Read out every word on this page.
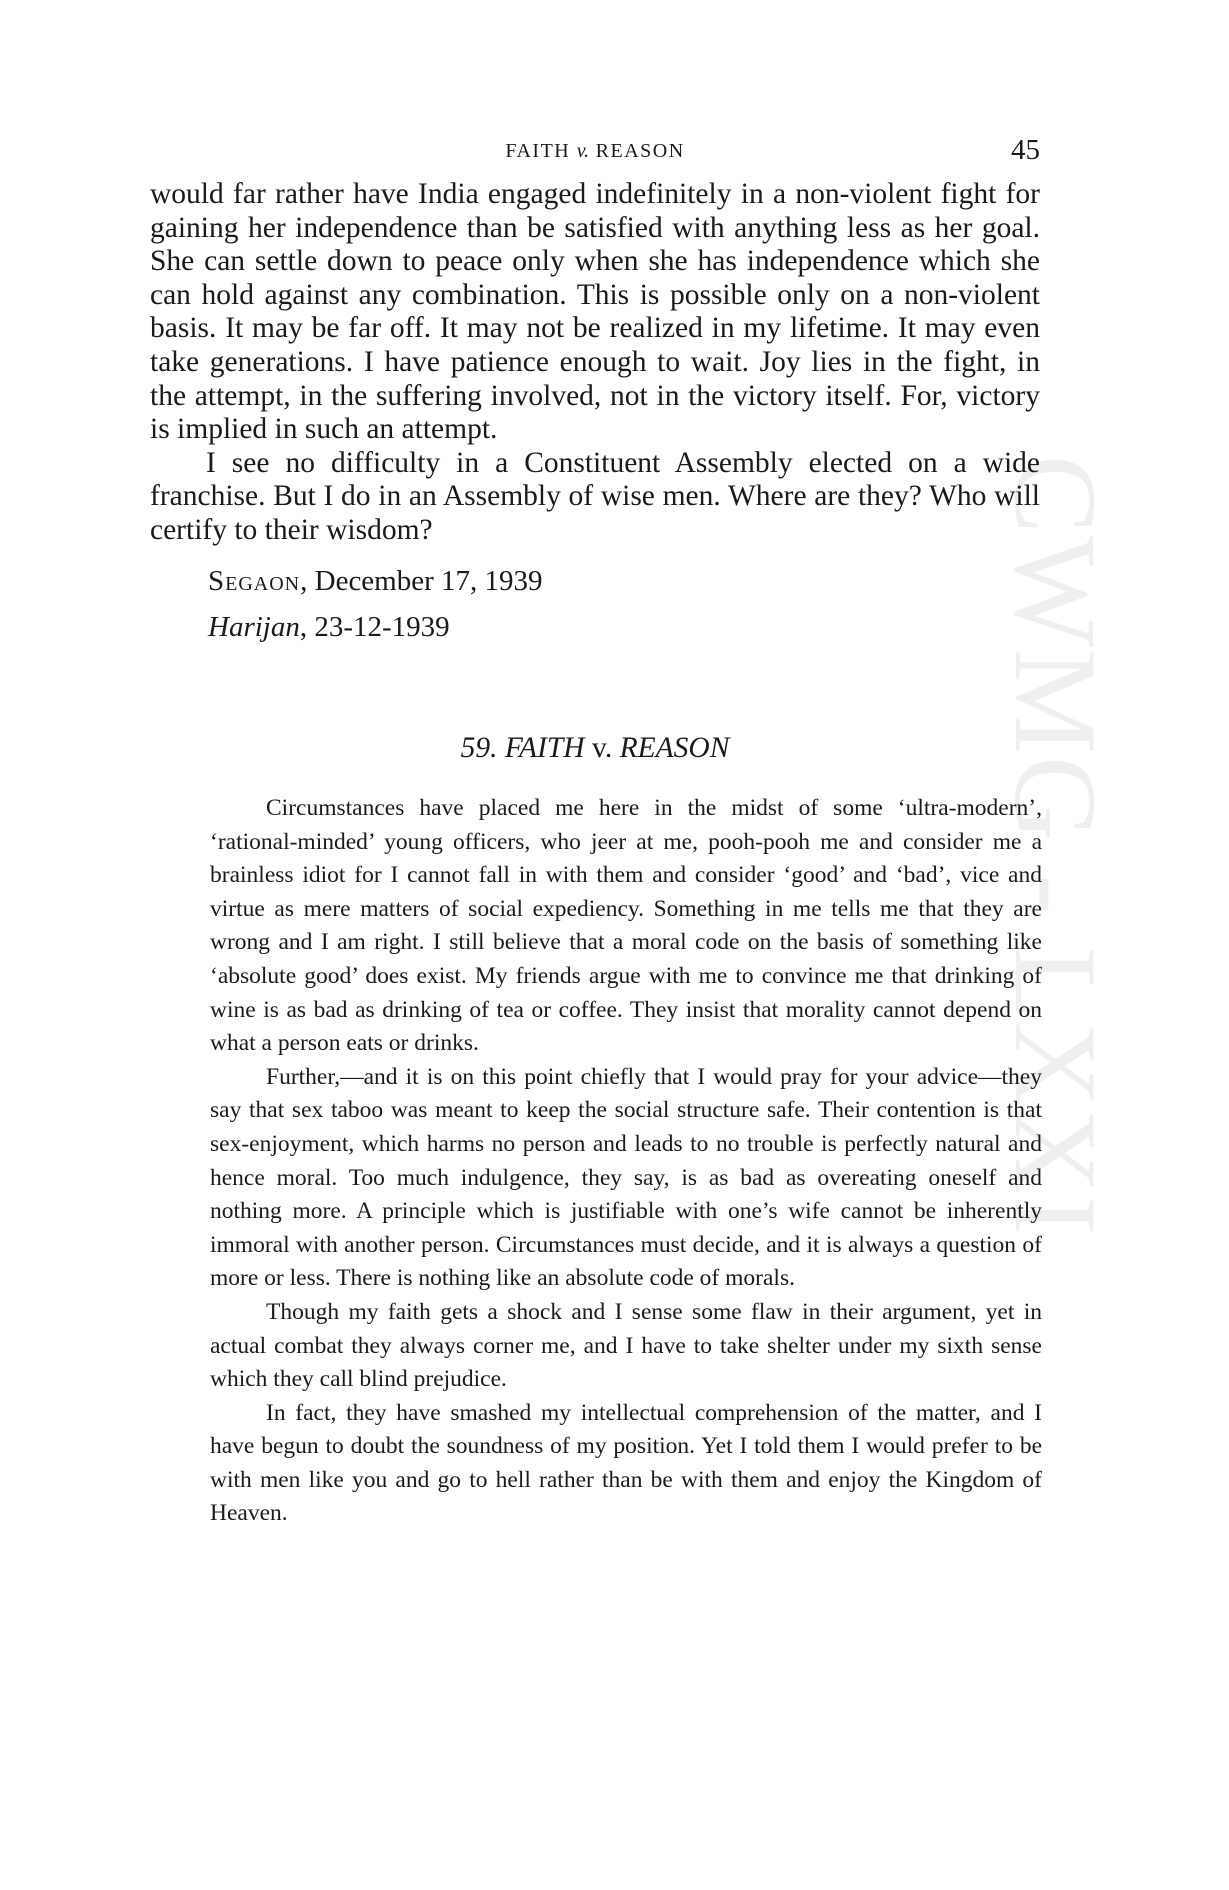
CWMG - LXXI
FAITH v. REASON	45

would far rather have India engaged indefinitely in a non-violent fight for gaining her independence than be satisfied with anything less as her goal. She can settle down to peace only when she has independence which she can hold against any combination. This is possible only on a non-violent basis. It may be far off. It may not be realized in my lifetime. It may even take generations. I have patience enough to wait. Joy lies in the fight, in the attempt, in the suffering involved, not in the victory itself. For, victory is implied in such an attempt.

I see no difficulty in a Constituent Assembly elected on a wide franchise. But I do in an Assembly of wise men. Where are they? Who will certify to their wisdom?

Segaon, December 17, 1939
Harijan, 23-12-1939
59. FAITH v. REASON

Circumstances have placed me here in the midst of some ‘ultra-modern’, ‘rational-minded’ young officers, who jeer at me, pooh-pooh me and consider me a brainless idiot for I cannot fall in with them and consider ‘good’ and ‘bad’, vice and virtue as mere matters of social expediency. Something in me tells me that they are wrong and I am right. I still believe that a moral code on the basis of something like ‘absolute good’ does exist. My friends argue with me to convince me that drinking of wine is as bad as drinking of tea or coffee. They insist that morality cannot depend on what a person eats or drinks.

Further,—and it is on this point chiefly that I would pray for your advice—they say that sex taboo was meant to keep the social structure safe. Their contention is that sex-enjoyment, which harms no person and leads to no trouble is perfectly natural and hence moral. Too much indulgence, they say, is as bad as overeating oneself and nothing more. A principle which is justifiable with one’s wife cannot be inherently immoral with another person. Circumstances must decide, and it is always a question of more or less. There is nothing like an absolute code of morals.

Though my faith gets a shock and I sense some flaw in their argument, yet in actual combat they always corner me, and I have to take shelter under my sixth sense which they call blind prejudice.

In fact, they have smashed my intellectual comprehension of the matter, and I have begun to doubt the soundness of my position. Yet I told them I would prefer to be with men like you and go to hell rather than be with them and enjoy the Kingdom of Heaven.
